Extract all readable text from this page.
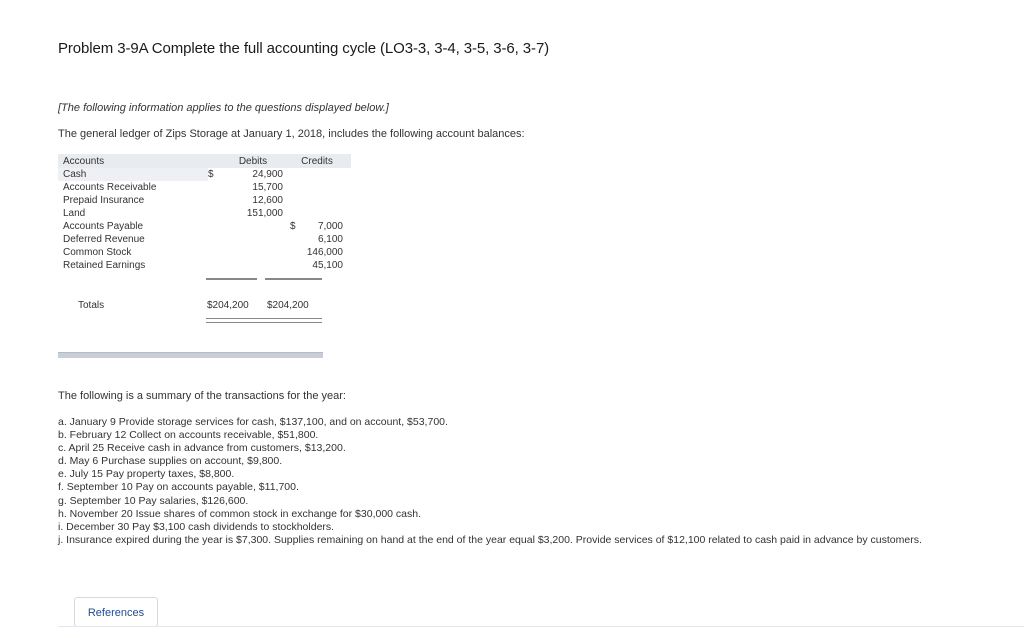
Problem 3-9A Complete the full accounting cycle (LO3-3, 3-4, 3-5, 3-6, 3-7)
[The following information applies to the questions displayed below.]
The general ledger of Zips Storage at January 1, 2018, includes the following account balances:
Accounts	Debits	Credits
Cash	$ 24,900	

Accounts Receivable	15,700	

Prepaid Insurance	12,600	

Land	151,000	

Accounts Payable		$ 7,000
Deferred Revenue		6,100
Common Stock		146,000
Retained Earnings		45,100
Totals	$204,200 $204,200
The following is a summary of the transactions for the year:
a. January 9 Provide storage services for cash, $137,100, and on account, $53,700.
b. February 12 Collect on accounts receivable, $51,800.
c. April 25 Receive cash in advance from customers, $13,200.
d. May 6 Purchase supplies on account, $9,800.
e. July 15 Pay property taxes, $8,800.
f. September 10 Pay on accounts payable, $11,700.
g. September 10 Pay salaries, $126,600.
h. November 20 Issue shares of common stock in exchange for $30,000 cash.
i. December 30 Pay $3,100 cash dividends to stockholders.
j. Insurance expired during the year is $7,300. Supplies remaining on hand at the end of the year equal $3,200. Provide services of $12,100 related to cash paid in advance by customers.
References
